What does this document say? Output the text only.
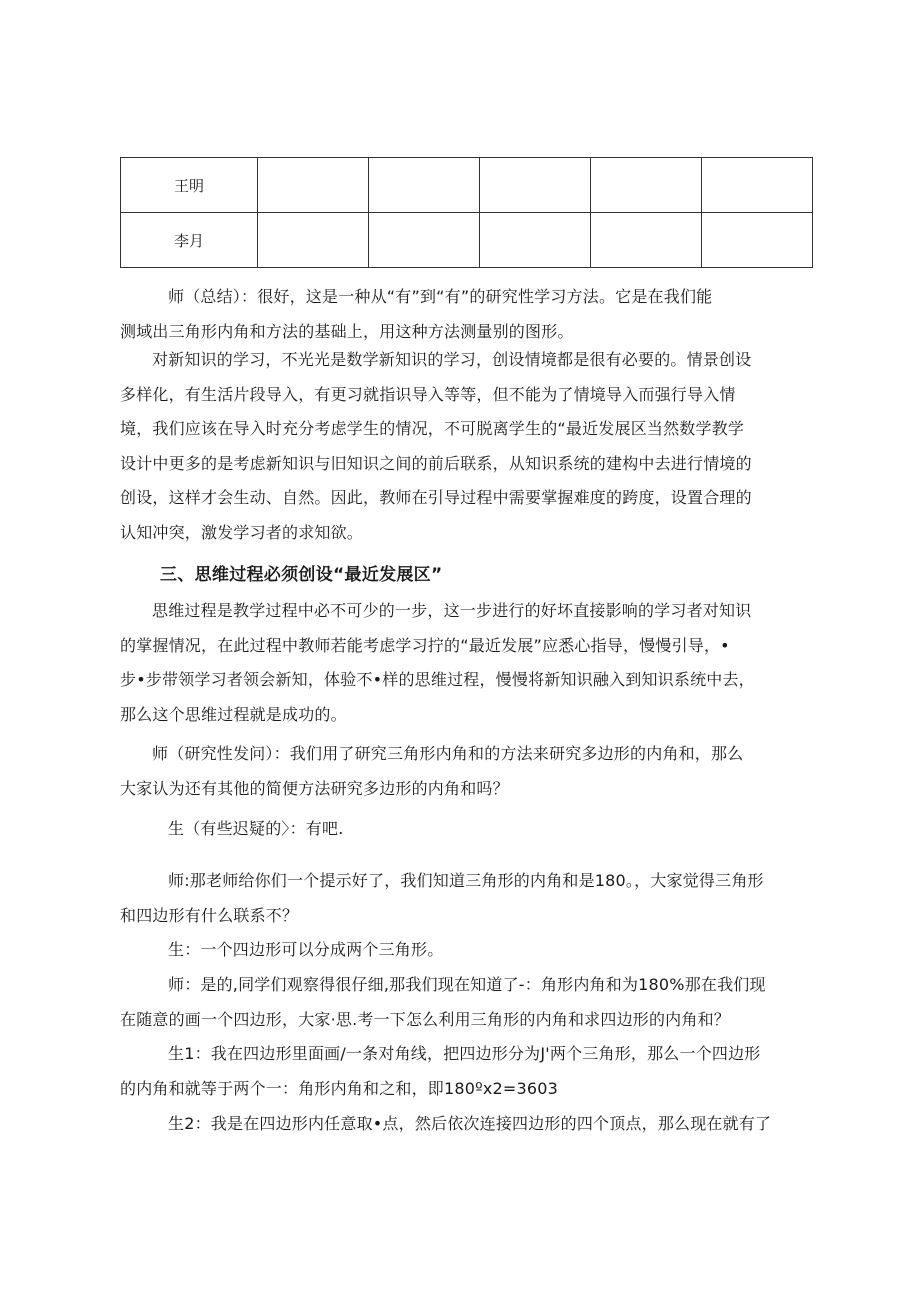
王明					
李月					
师（总结）：很好，这是一种从“有”到“有”的研究性学习方法。它是在我们能
测域出三角形内角和方法的基础上，用这种方法测量别的图形。
对新知识的学习，不光光是数学新知识的学习，创设情境都是很有必要的。情景创设
多样化，有生活片段导入，有更习就指识导入等等，但不能为了情境导入而强行导入情
境，我们应该在导入时充分考虑学生的情况，不可脱离学生的“最近发展区当然数学教学
设计中更多的是考虑新知识与旧知识之间的前后联系，从知识系统的建构中去进行情境的
创设，这样才会生动、自然。因此，教师在引导过程中需要掌握难度的跨度，设置合理的
认知冲突，激发学习者的求知欲。
三、思维过程必须创设“最近发展区”
思维过程是教学过程中必不可少的一步，这一步进行的好坏直接影响的学习者对知识
的掌握情况，在此过程中教师若能考虑学习拧的“最近发展”应悉心指导，慢慢引导，•
步•步带领学习者领会新知，体验不•样的思维过程，慢慢将新知识融入到知识系统中去，
那么这个思维过程就是成功的。
师（研究性发问）：我们用了研究三角形内角和的方法来研究多边形的内角和，那么
大家认为还有其他的简便方法研究多边形的内角和吗？
生（有些迟疑的〉：有吧.
师:那老师给你们一个提示好了，我们知道三角形的内角和是180。，大家觉得三角形
和四边形有什么联系不？
生：一个四边形可以分成两个三角形。
师：是的,同学们观察得很仔细,那我们现在知道了-：角形内角和为180%那在我们现
在随意的画一个四边形，大家·思.考一下怎么利用三角形的内角和求四边形的内角和？
生1：我在四边形里面画/一条对角线，把四边形分为J'两个三角形，那么一个四边形
的内角和就等于两个一：角形内角和之和，即180ºx2=3603
生2：我是在四边形内任意取•点，然后依次连接四边形的四个顶点，那么现在就有了
